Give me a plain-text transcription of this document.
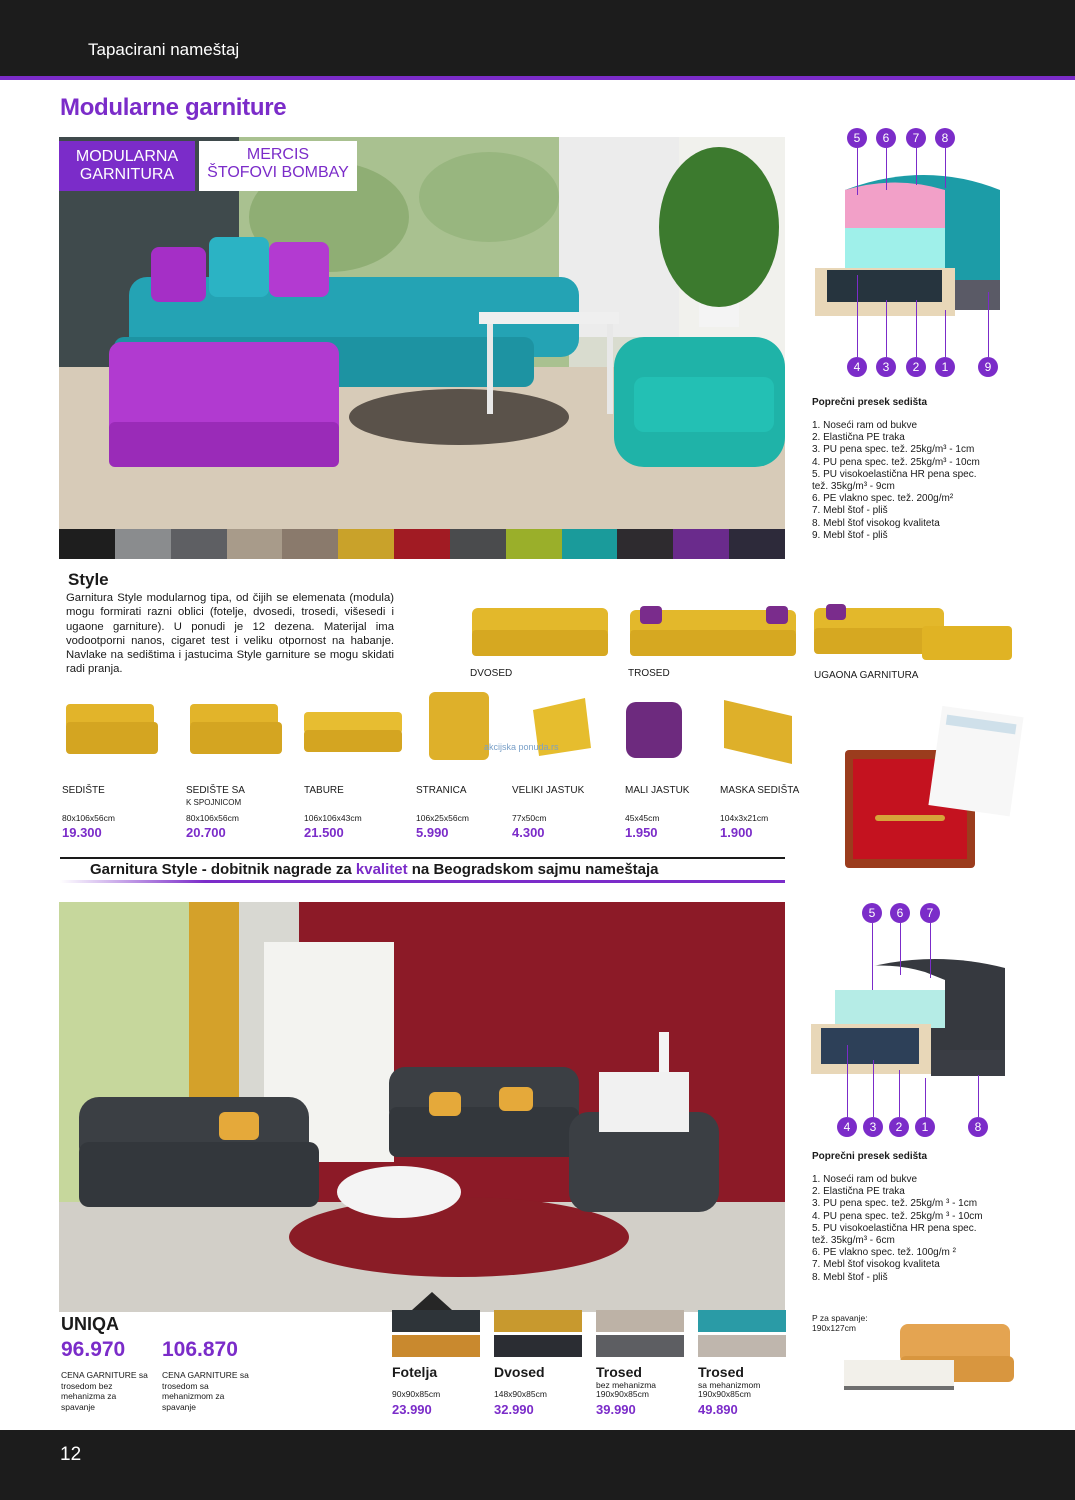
Tapacirani nameštaj
Modularne garniture
MODULARNA
GARNITURA
MERCIS
ŠTOFOVI BOMBAY
Poprečni presek sedišta
1. Noseći ram od bukve
2. Elastična PE traka
3. PU pena spec. tež. 25kg/m³ - 1cm
4. PU pena spec. tež. 25kg/m³ - 10cm
5. PU visokoelastična HR pena spec.
tež. 35kg/m³ - 9cm
6. PE vlakno spec. tež. 200g/m²
7. Mebl štof - pliš
8. Mebl štof visokog kvaliteta
9. Mebl štof - pliš
Style
Garnitura Style modularnog tipa, od čijih se elemenata (modula) mogu formirati razni oblici (fotelje, dvosedi, trosedi, višesedi i ugaone garniture). U ponudi je 12 dezena. Materijal ima vodootporni nanos, cigaret test i veliku otpornost na habanje. Navlake na sedištima i jastucima Style garniture se mogu skidati radi pranja.
akcijska ponuda.rs
Garnitura Style - dobitnik nagrade za kvalitet na Beogradskom sajmu nameštaja
Poprečni presek sedišta
1. Noseći ram od bukve
2. Elastična PE traka
3. PU pena spec. tež. 25kg/m ³ - 1cm
4. PU pena spec. tež. 25kg/m ³ - 10cm
5. PU visokoelastična HR pena spec.
tež. 35kg/m³ - 6cm
6. PE vlakno spec. tež. 100g/m ²
7. Mebl štof visokog kvaliteta
8. Mebl štof - pliš
P za spavanje:
190x127cm
UNIQA
96.970 106.870
CENA GARNITURE sa trosedom bez mehanizma za spavanje
CENA GARNITURE sa trosedom sa mehanizmom za spavanje
12
5	6	7	8
4	3	2	1	9
5	6	7
4	3	2	1	8
DVOSED	TROSED	UGAONA GARNITURA
SEDIŠTE
80x106x56cm
19.300
SEDIŠTE SA
K SPOJNICOM
80x106x56cm
20.700
TABURE
106x106x43cm
21.500
STRANICA
106x25x56cm
5.990
VELIKI JASTUK
77x50cm
4.300
MALI JASTUK
45x45cm
1.950
MASKA SEDIŠTA
104x3x21cm
1.900
Fotelja
90x90x85cm
23.990
Dvosed
148x90x85cm
32.990
Trosed
bez mehanizma
190x90x85cm
39.990
Trosed
sa mehanizmom
190x90x85cm
49.890
